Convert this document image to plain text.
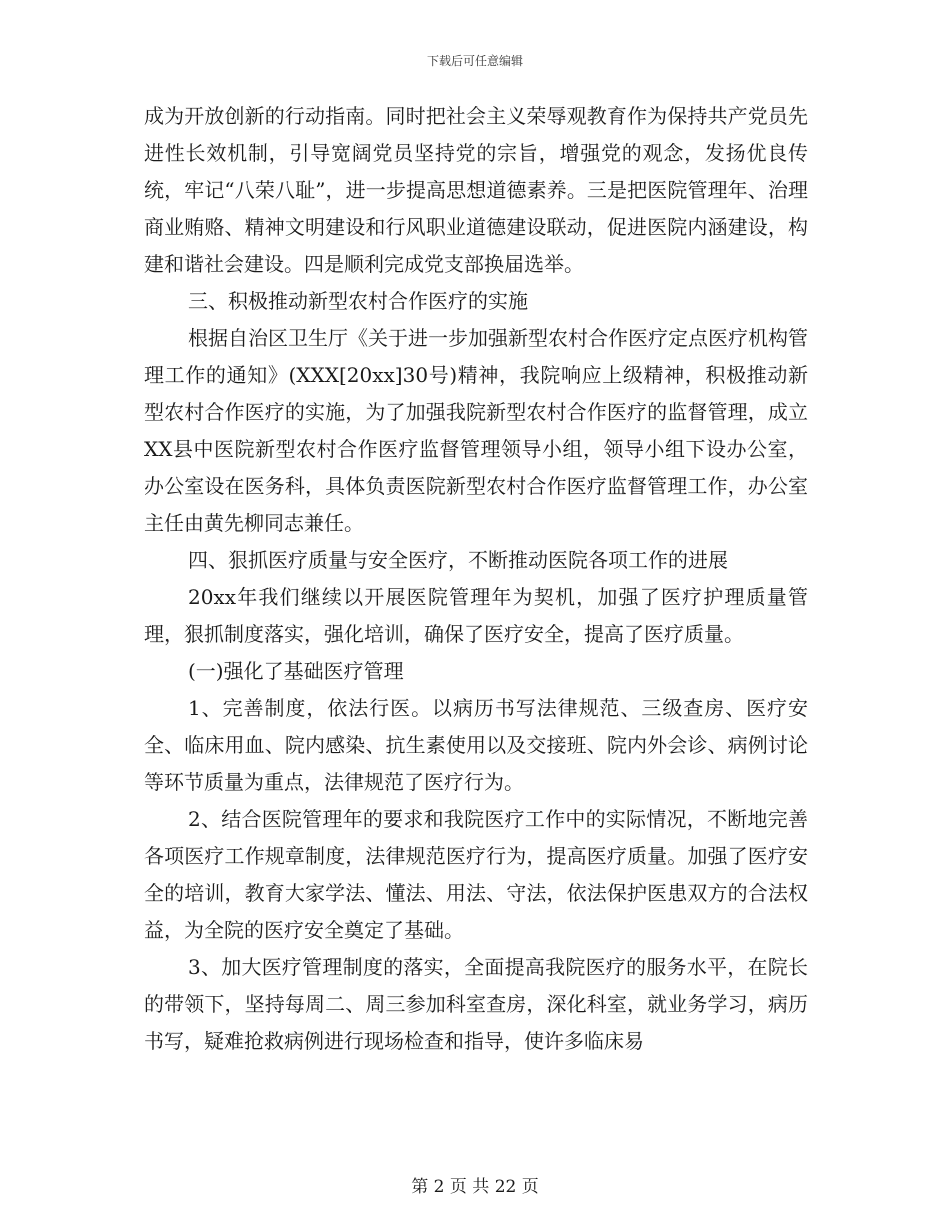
下载后可任意编辑

成为开放创新的行动指南。同时把社会主义荣辱观教育作为保持共产党员先进性长效机制，引导宽阔党员坚持党的宗旨，增强党的观念，发扬优良传统，牢记“八荣八耻”，进一步提高思想道德素养。三是把医院管理年、治理商业贿赂、精神文明建设和行风职业道德建设联动，促进医院内涵建设，构建和谐社会建设。四是顺利完成党支部换届选举。

三、积极推动新型农村合作医疗的实施

根据自治区卫生厅《关于进一步加强新型农村合作医疗定点医疗机构管理工作的通知》(XXX[20xx]30号)精神，我院响应上级精神，积极推动新型农村合作医疗的实施，为了加强我院新型农村合作医疗的监督管理，成立XX县中医院新型农村合作医疗监督管理领导小组，领导小组下设办公室，办公室设在医务科，具体负责医院新型农村合作医疗监督管理工作，办公室主任由黄先柳同志兼任。

四、狠抓医疗质量与安全医疗，不断推动医院各项工作的进展

20xx年我们继续以开展医院管理年为契机，加强了医疗护理质量管理，狠抓制度落实，强化培训，确保了医疗安全，提高了医疗质量。

(一)强化了基础医疗管理

1、完善制度，依法行医。以病历书写法律规范、三级查房、医疗安全、临床用血、院内感染、抗生素使用以及交接班、院内外会诊、病例讨论等环节质量为重点，法律规范了医疗行为。

2、结合医院管理年的要求和我院医疗工作中的实际情况，不断地完善各项医疗工作规章制度，法律规范医疗行为，提高医疗质量。加强了医疗安全的培训，教育大家学法、懂法、用法、守法，依法保护医患双方的合法权益，为全院的医疗安全奠定了基础。

3、加大医疗管理制度的落实，全面提高我院医疗的服务水平，在院长的带领下，坚持每周二、周三参加科室查房，深化科室，就业务学习，病历书写，疑难抢救病例进行现场检查和指导，使许多临床易

第 2 页 共 22 页
